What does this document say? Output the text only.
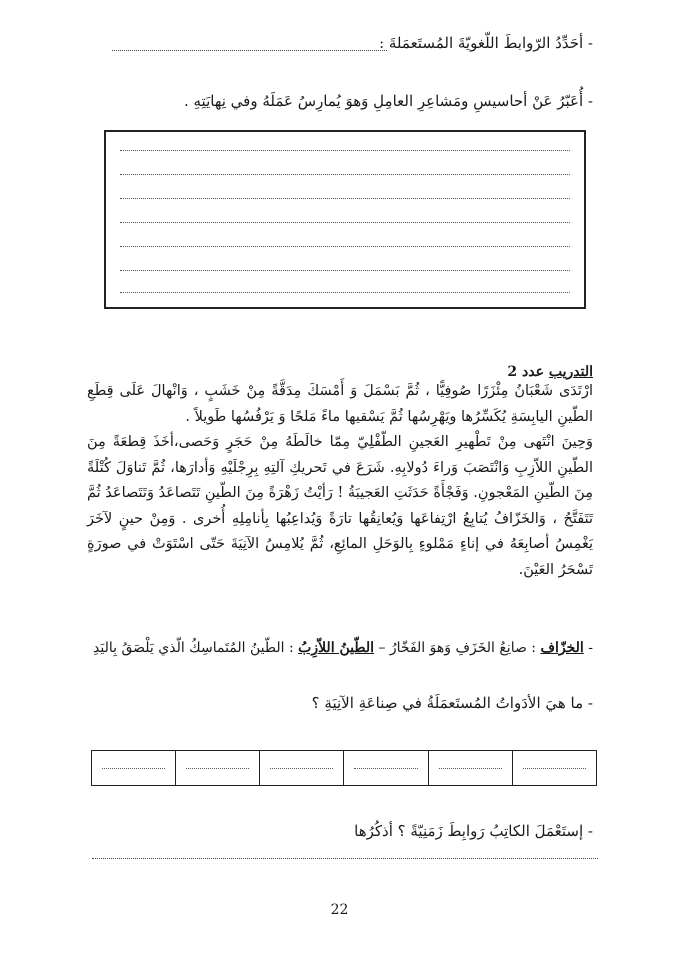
- أحَدِّدُ الرّوابطَ اللّغويّةَ المُستَعمَلةَ :
- أُعَبّرُ عَنْ أحاسيسِ ومَشاعِرِ العامِلِ وَهوَ يُمارِسُ عَمَلَهُ وفي نِهايَتِهِ .
التدريب عدد 2

ارْتَدَى شَعْبَانُ مِئْزَرًا صُوفِيًّا ، ثُمَّ بَسْمَلَ وَ أَمْسَكَ مِدَقَّةً مِنْ خَشَبٍ ، وَانْهالَ عَلَى قِطَعِ الطّينِ اليابِسَةِ يُكَسِّرُها ويَهْرِسُها ثُمَّ يَسْقيها ماءً مَلحًا وَ يَرْفُسُها طَويلاً .

وَحِينَ انْتَهى مِنْ تَطْهيرِ العَجينِ الطّفْلِيّ مِمّا خالَطَهُ مِنْ حَجَرٍ وَحَصى،أخَذَ قِطعَةً مِنَ الطّينِ اللاّزِبِ وَانْتَصَبَ وَراءَ دُولابِهِ. شَرَعَ في تَحريكِ آلتِهِ بِرِجْلَيْهِ وَأدارَها، ثُمَّ تَناوَلَ كُتْلَةً مِنَ الطّينِ المَعْجونِ. وَفَجْأَةً حَدَثَتِ العَجيبَةُ ! رَأيْتُ زَهْرَةً مِنَ الطّينِ تَتَصاعَدُ وَتَتَصاعَدُ ثُمَّ تَتَفَتَّحُ ، وَالخَزّافُ يُتابِعُ ارْتِفاعَها وَيُعانِقُها تارَةً وَيُداعِبُها بِأنامِلِهِ أُخرى . وَمِنْ حينٍ لآخَرَ يَغْمِسُ أصابِعَهُ في إناءٍ مَمْلوءٍ بِالوَحَلِ المائِعِ، ثُمَّ يُلامِسُ الآنِيَةَ حَتّى اسْتَوَتْ في صورَةٍ تَسْحَرُ العَيْنَ.

- الخزّاف : صانِعُ الخَزَفِ وَهوَ الفَخّارُ – الطّينُ اللاّزِبُ : الطّينُ المُتَماسِكُ الّذي يَلْصَقُ بِاليَدِ
- ما هيَ الأدَواتُ المُستَعمَلَةُ في صِناعَةِ الآنِيَةِ ؟
- إستَعْمَلَ الكاتِبُ رَوابِطَ زَمَنِيّةً ؟ أذكُرُها
22
